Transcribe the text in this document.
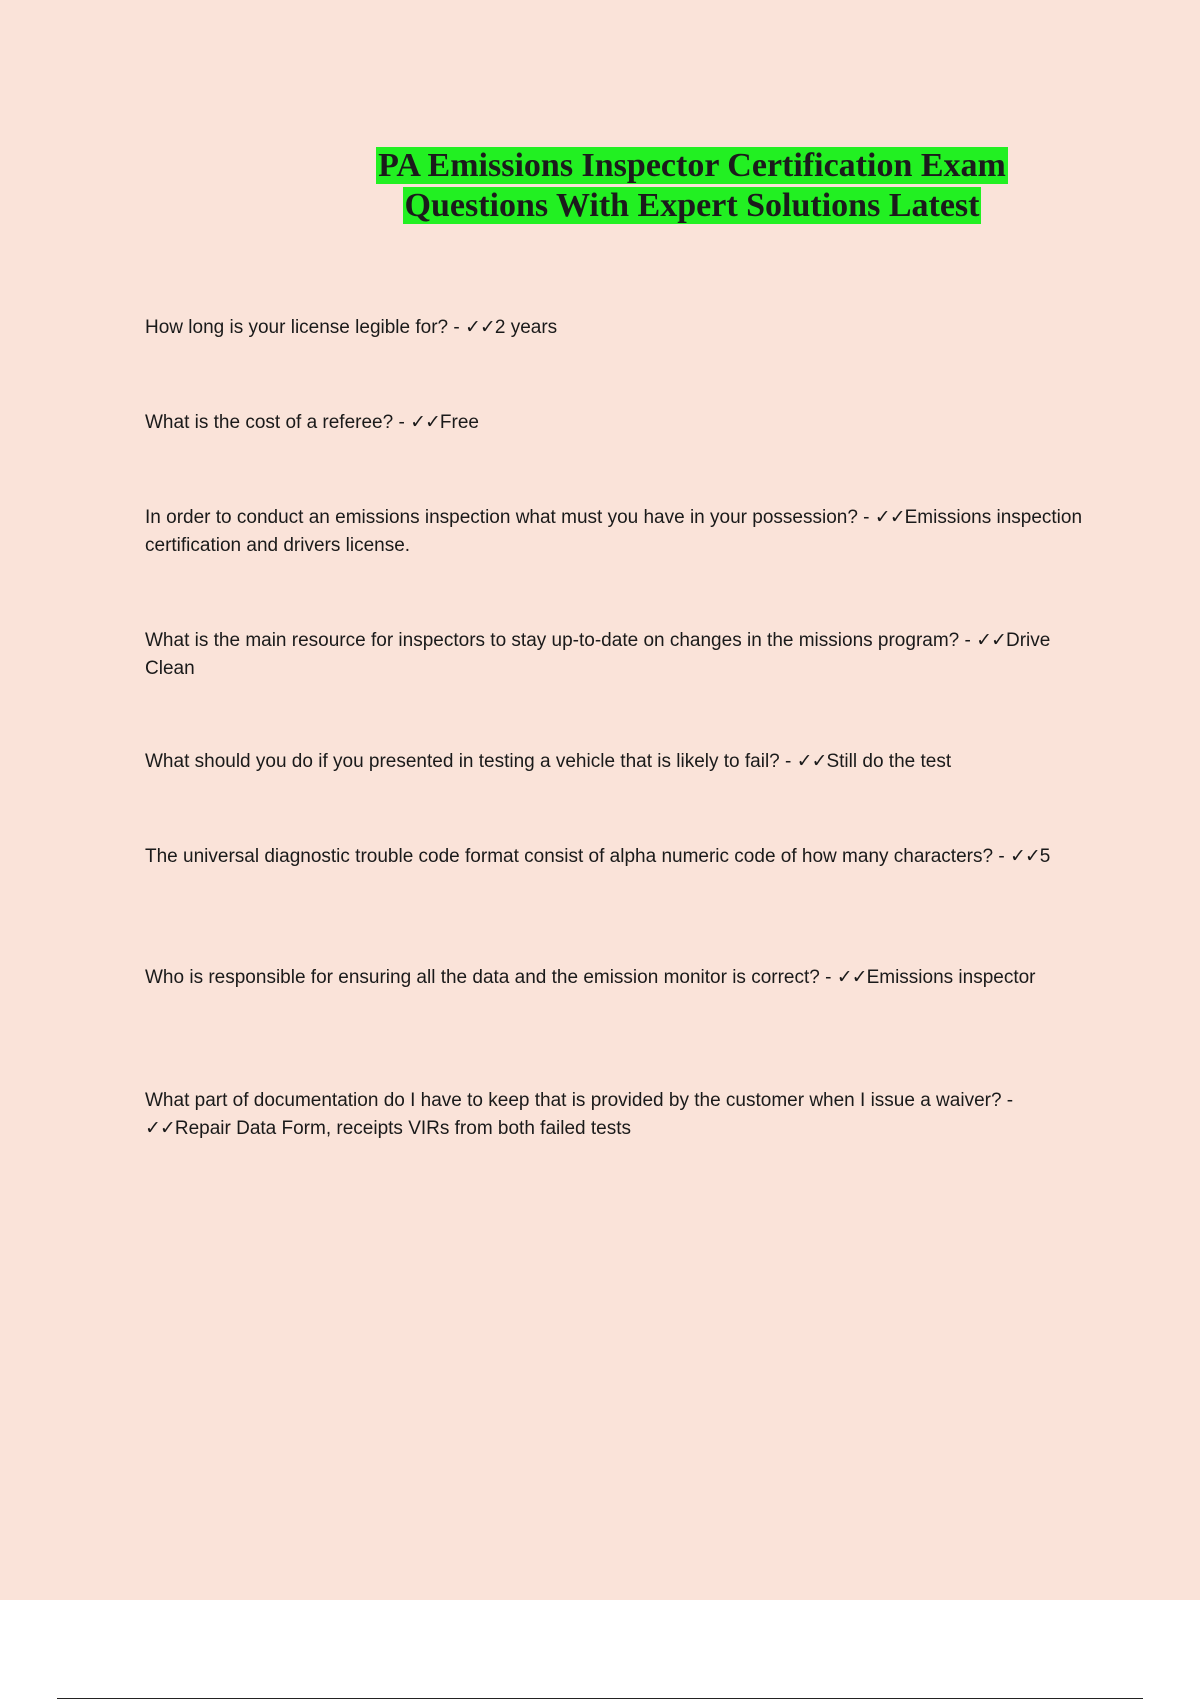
PA Emissions Inspector Certification Exam
Questions With Expert Solutions Latest

How long is your license legible for? - ✓✓2 years

What is the cost of a referee? - ✓✓Free

In order to conduct an emissions inspection what must you have in your possession? - ✓✓Emissions inspection certification and drivers license.

What is the main resource for inspectors to stay up-to-date on changes in the missions program? - ✓✓Drive Clean

What should you do if you presented in testing a vehicle that is likely to fail? - ✓✓Still do the test

The universal diagnostic trouble code format consist of alpha numeric code of how many characters? - ✓✓5

Who is responsible for ensuring all the data and the emission monitor is correct? - ✓✓Emissions inspector

What part of documentation do I have to keep that is provided by the customer when I issue a waiver? - ✓✓Repair Data Form, receipts VIRs from both failed tests
